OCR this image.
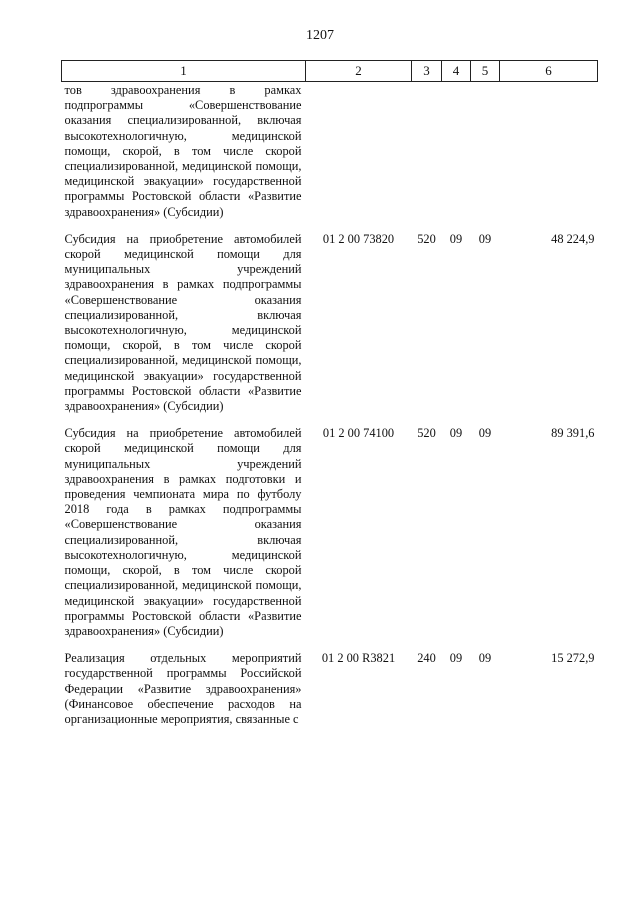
1207
1	2	3	4	5	6
тов здравоохранения в рамках подпрограммы «Совершенствование оказания специализированной, включая высокотехнологичную, медицинской помощи, скорой, в том числе скорой специализированной, медицинской помощи, медицинской эвакуации» государственной программы Ростовской области «Развитие здравоохранения» (Субсидии)					
Субсидия на приобретение автомобилей скорой медицинской помощи для муниципальных учреждений здравоохранения в рамках подпрограммы «Совершенствование оказания специализированной, включая высокотехнологичную, медицинской помощи, скорой, в том числе скорой специализированной, медицинской помощи, медицинской эвакуации» государственной программы Ростовской области «Развитие здравоохранения» (Субсидии)	01 2 00 73820	520	09	09	48 224,9
Субсидия на приобретение автомобилей скорой медицинской помощи для муниципальных учреждений здравоохранения в рамках подготовки и проведения чемпионата мира по футболу 2018 года в рамках подпрограммы «Совершенствование оказания специализированной, включая высокотехнологичную, медицинской помощи, скорой, в том числе скорой специализированной, медицинской помощи, медицинской эвакуации» государственной программы Ростовской области «Развитие здравоохранения» (Субсидии)	01 2 00 74100	520	09	09	89 391,6
Реализация отдельных мероприятий государственной программы Российской Федерации «Развитие здравоохранения» (Финансовое обеспечение расходов на организационные мероприятия, связанные с	01 2 00 R3821	240	09	09	15 272,9
